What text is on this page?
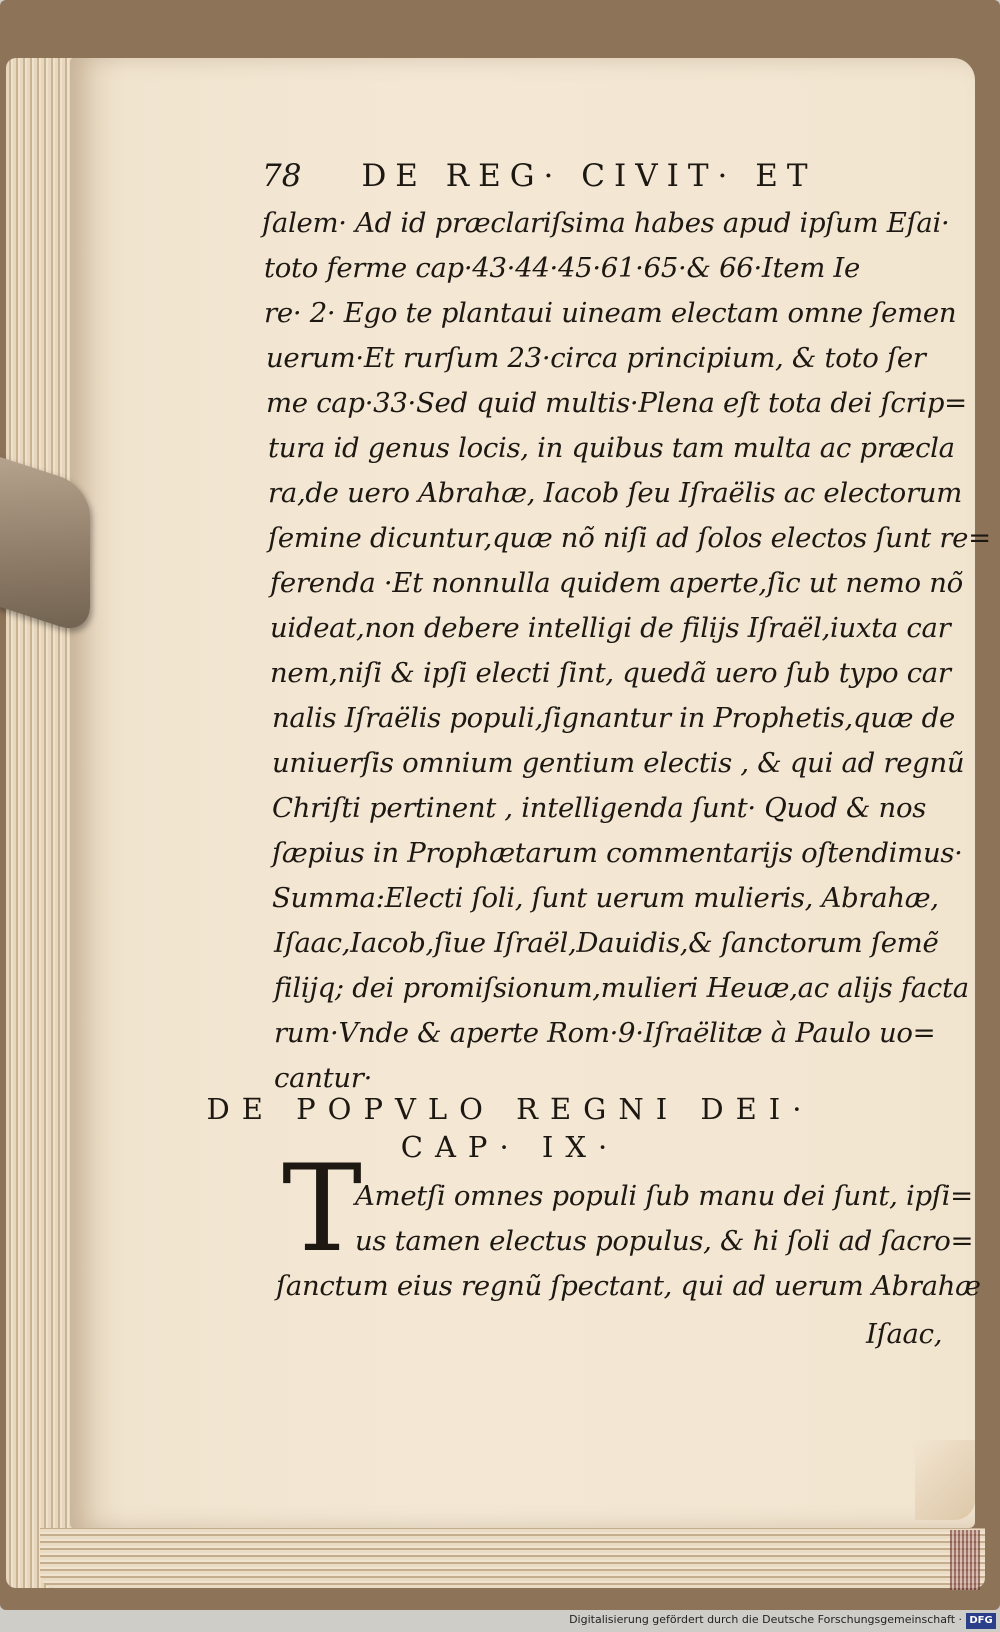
78 DE REG· CIVIT· ET
ſalem· Ad id præclariſsima habes apud ipſum Eſai·
toto ferme cap·43·44·45·61·65·& 66·Item Ie
re· 2· Ego te plantaui uineam electam omne ſemen
uerum·Et rurſum 23·circa principium, & toto ſer
me cap·33·Sed quid multis·Plena eſt tota dei ſcrip=
tura id genus locis, in quibus tam multa ac præcla
ra,de uero Abrahæ, Iacob ſeu Iſraëlis ac electorum
ſemine dicuntur,quæ nõ niſi ad ſolos electos ſunt re=
ferenda ·Et nonnulla quidem aperte,ſic ut nemo nõ
uideat,non debere intelligi de filijs Iſraël,iuxta car
nem,niſi & ipſi electi ſint, quedã uero ſub typo car
nalis Iſraëlis populi,ſignantur in Prophetis,quæ de
uniuerſis omnium gentium electis , & qui ad regnũ
Chriſti pertinent , intelligenda ſunt· Quod & nos
ſæpius in Prophætarum commentarijs oſtendimus·
Summa:Electi ſoli, ſunt uerum mulieris, Abrahæ,
Iſaac,Iacob,ſiue Iſraël,Dauidis,& ſanctorum ſemẽ
filijq; dei promiſsionum,mulieri Heuæ,ac alijs facta
rum·Vnde & aperte Rom·9·Iſraëlitæ à Paulo uo=
cantur·
DE POPVLO REGNI DEI·
CAP· IX·
T
Ametſi omnes populi ſub manu dei ſunt, ipſi=
us tamen electus populus, & hi ſoli ad ſacro=
ſanctum eius regnũ ſpectant, qui ad uerum Abrahæ
Iſaac,
Digitalisierung gefördert durch die Deutsche Forschungsgemeinschaft · DFG
